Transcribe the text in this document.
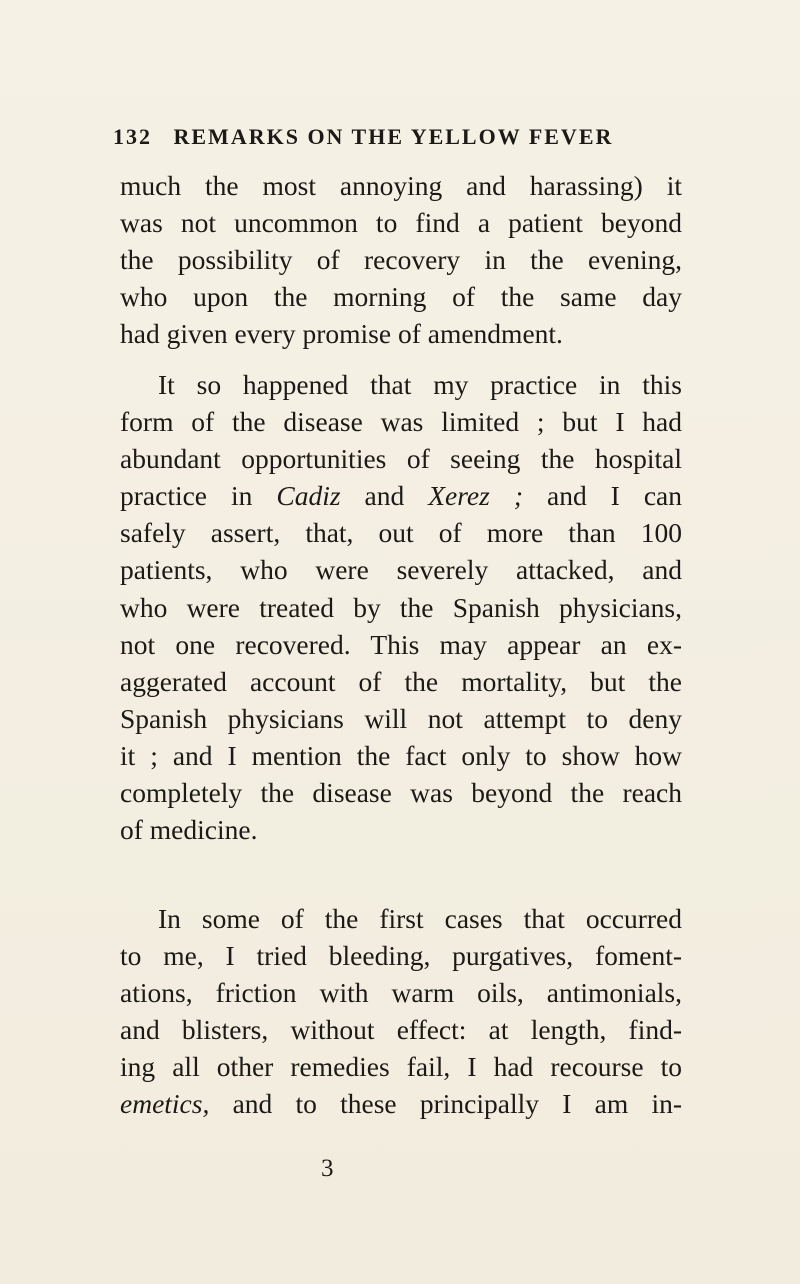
132 REMARKS ON THE YELLOW FEVER
much the most annoying and harassing) it
was not uncommon to find a patient beyond
the possibility of recovery in the evening,
who upon the morning of the same day
had given every promise of amendment.
It so happened that my practice in this
form of the disease was limited ; but I had
abundant opportunities of seeing the hospital
practice in Cadiz and Xerez ; and I can
safely assert, that, out of more than 100
patients, who were severely attacked, and
who were treated by the Spanish physicians,
not one recovered. This may appear an ex-
aggerated account of the mortality, but the
Spanish physicians will not attempt to deny
it ; and I mention the fact only to show how
completely the disease was beyond the reach
of medicine.
In some of the first cases that occurred
to me, I tried bleeding, purgatives, foment-
ations, friction with warm oils, antimonials,
and blisters, without effect: at length, find-
ing all other remedies fail, I had recourse to
emetics, and to these principally I am in-
3
